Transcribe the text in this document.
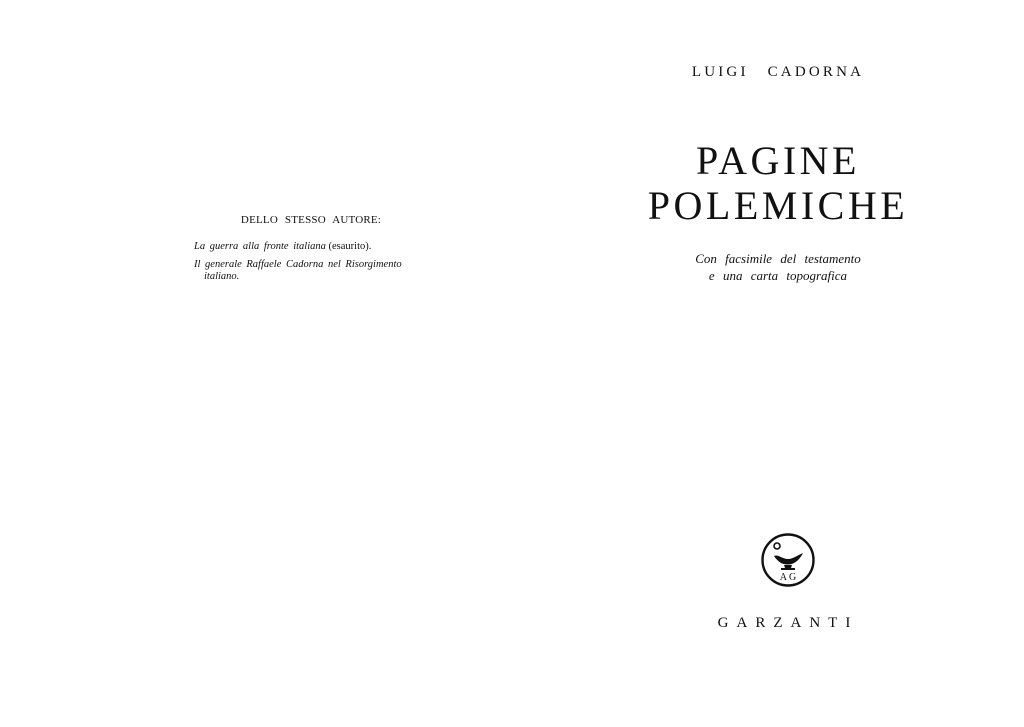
DELLO STESSO AUTORE:
La guerra alla fronte italiana (esaurito).
Il generale Raffaele Cadorna nel Risorgimento
italiano.
LUIGI CADORNA
PAGINE
POLEMICHE
Con facsimile del testamento
e una carta topografica
A G
GARZANTI
